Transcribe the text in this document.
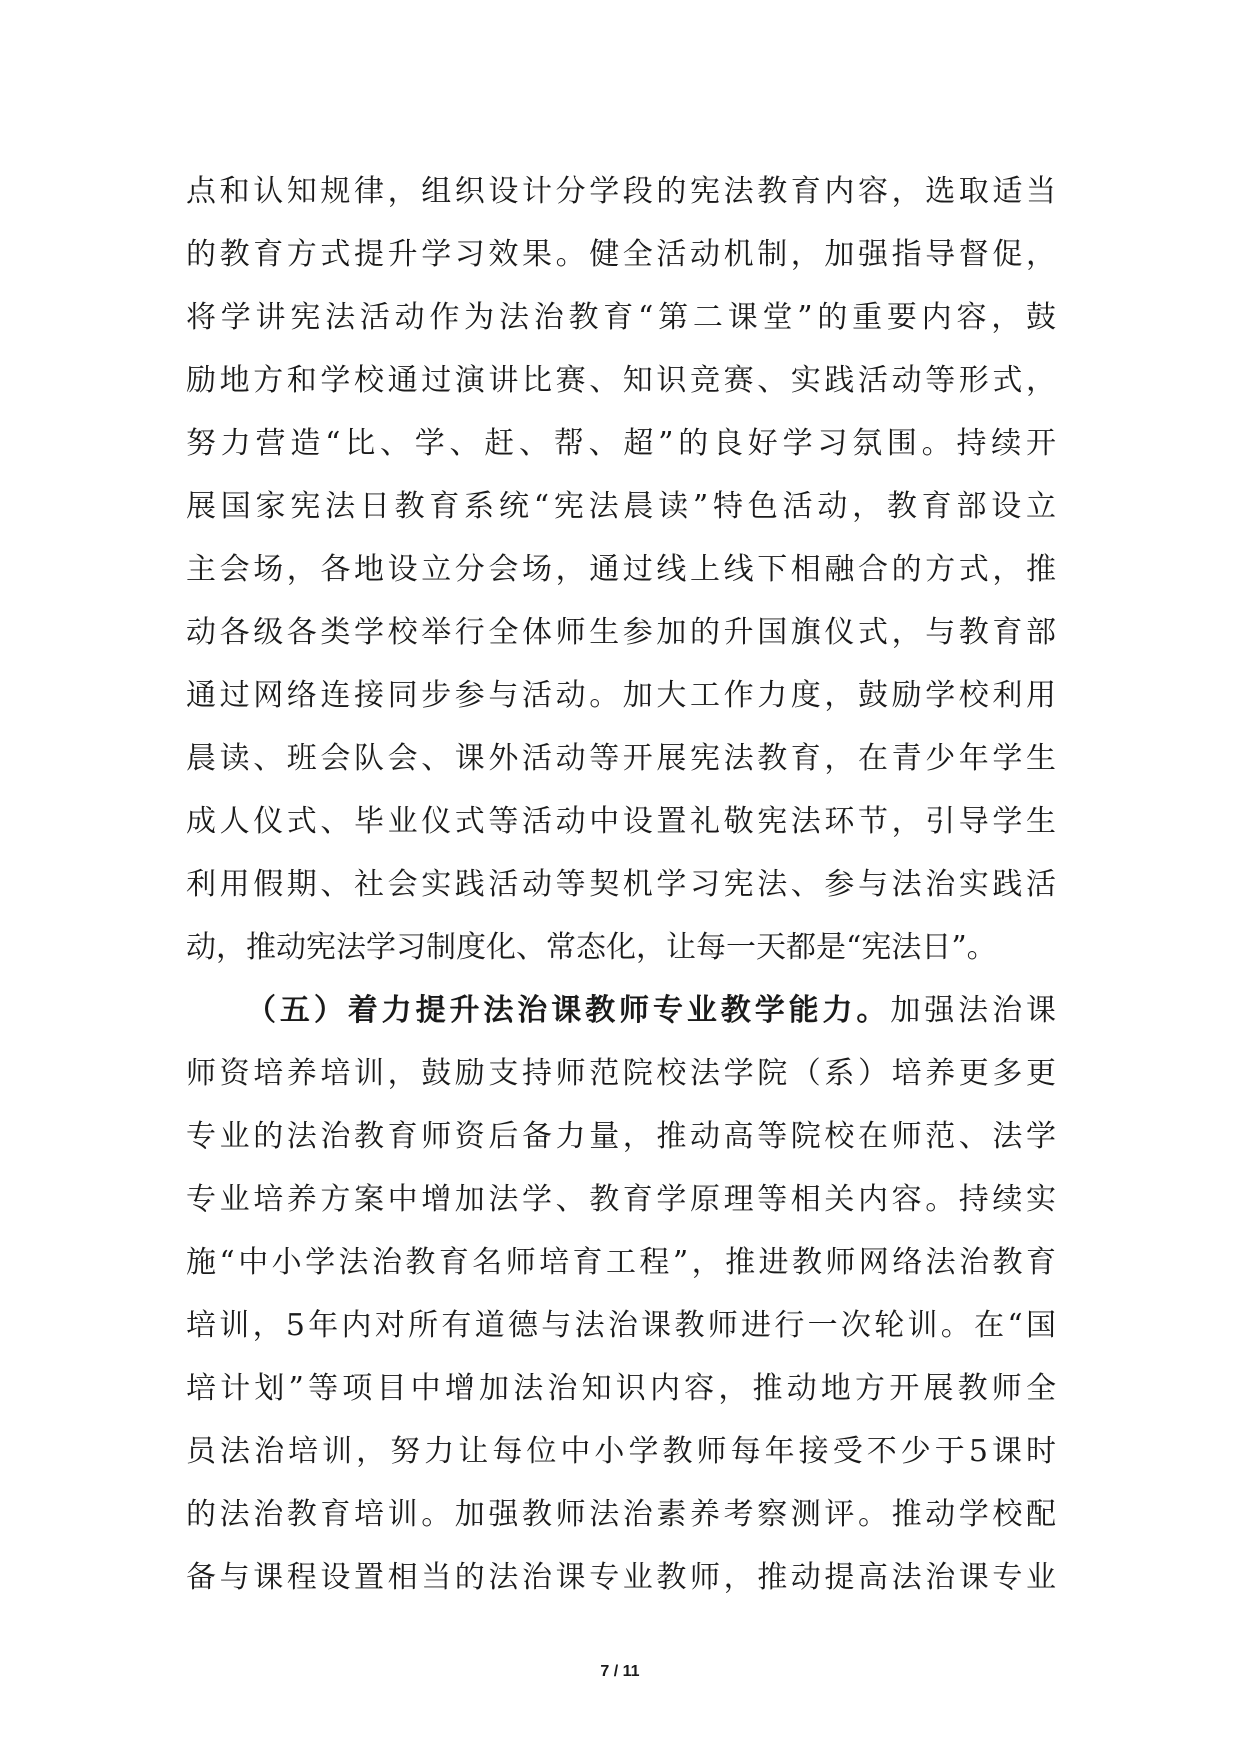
点和认知规律，组织设计分学段的宪法教育内容，选取适当

的教育方式提升学习效果。健全活动机制，加强指导督促，

将学讲宪法活动作为法治教育“第二课堂”的重要内容，鼓

励地方和学校通过演讲比赛、知识竞赛、实践活动等形式，

努力营造“比、学、赶、帮、超”的良好学习氛围。持续开

展国家宪法日教育系统“宪法晨读”特色活动，教育部设立

主会场，各地设立分会场，通过线上线下相融合的方式，推

动各级各类学校举行全体师生参加的升国旗仪式，与教育部

通过网络连接同步参与活动。加大工作力度，鼓励学校利用

晨读、班会队会、课外活动等开展宪法教育，在青少年学生

成人仪式、毕业仪式等活动中设置礼敬宪法环节，引导学生

利用假期、社会实践活动等契机学习宪法、参与法治实践活

动，推动宪法学习制度化、常态化，让每一天都是“宪法日”。

（五）着力提升法治课教师专业教学能力。加强法治课

师资培养培训，鼓励支持师范院校法学院（系）培养更多更

专业的法治教育师资后备力量，推动高等院校在师范、法学

专业培养方案中增加法学、教育学原理等相关内容。持续实

施“中小学法治教育名师培育工程”，推进教师网络法治教育

培训，5年内对所有道德与法治课教师进行一次轮训。在“国

培计划”等项目中增加法治知识内容，推动地方开展教师全

员法治培训，努力让每位中小学教师每年接受不少于5课时

的法治教育培训。加强教师法治素养考察测评。推动学校配

备与课程设置相当的法治课专业教师，推动提高法治课专业

7 / 11
